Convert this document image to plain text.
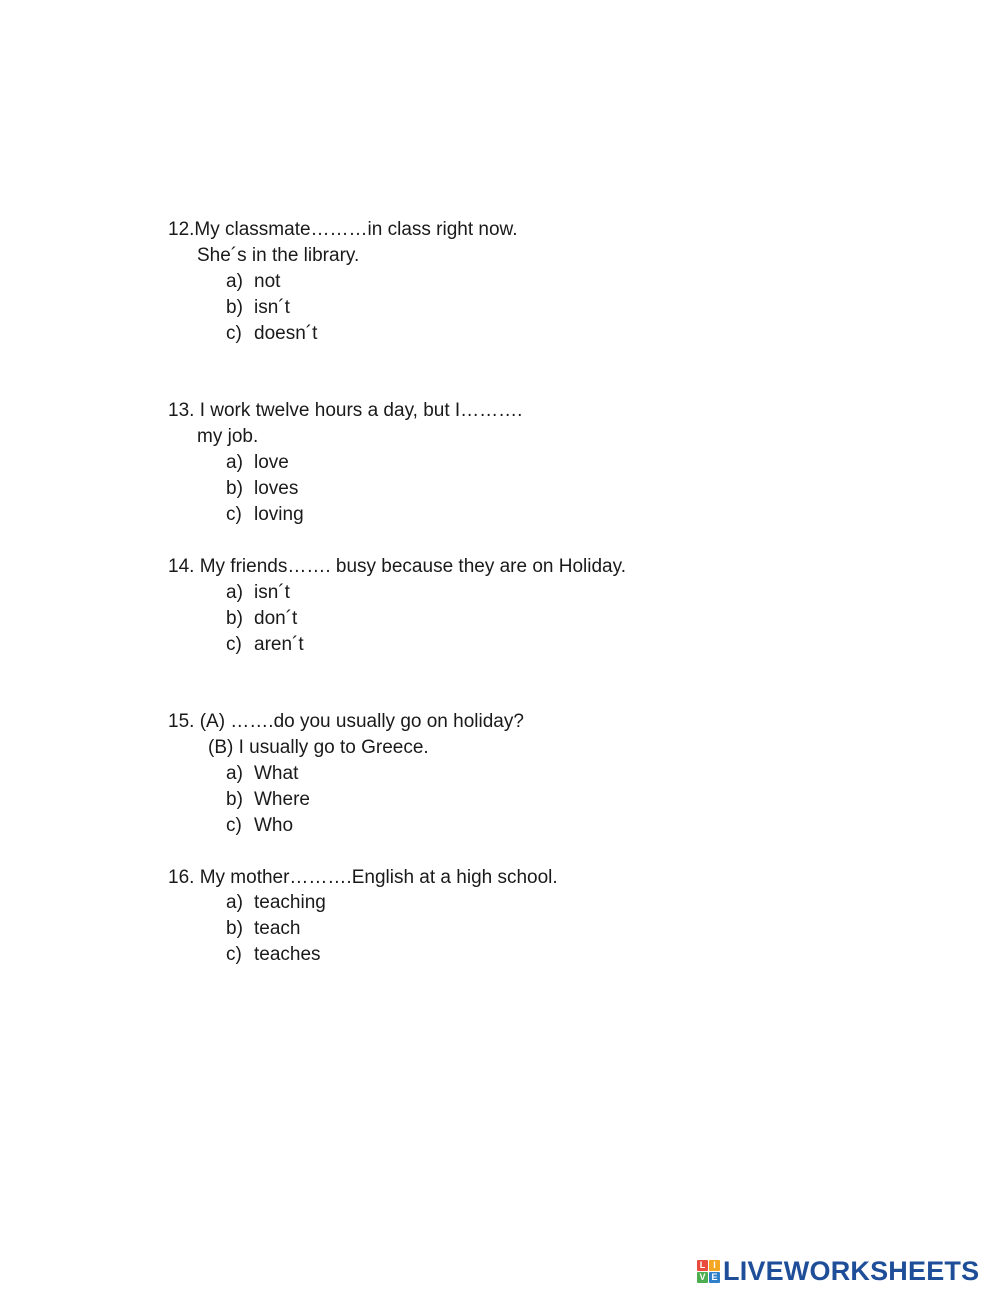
12.My classmate………in class right now.
She´s in the library.
a) not
b) isn´t
c) doesn´t
13. I work twelve hours a day, but I……….
my job.
a) love
b) loves
c) loving
14. My friends……. busy because they are on Holiday.
a) isn´t
b) don´t
c) aren´t
15. (A) …….do you usually go on holiday?
(B) I usually go to Greece.
a) What
b) Where
c) Who
16. My mother……….English at a high school.
a) teaching
b) teach
c) teaches
L I
V E LIVEWORKSHEETS
